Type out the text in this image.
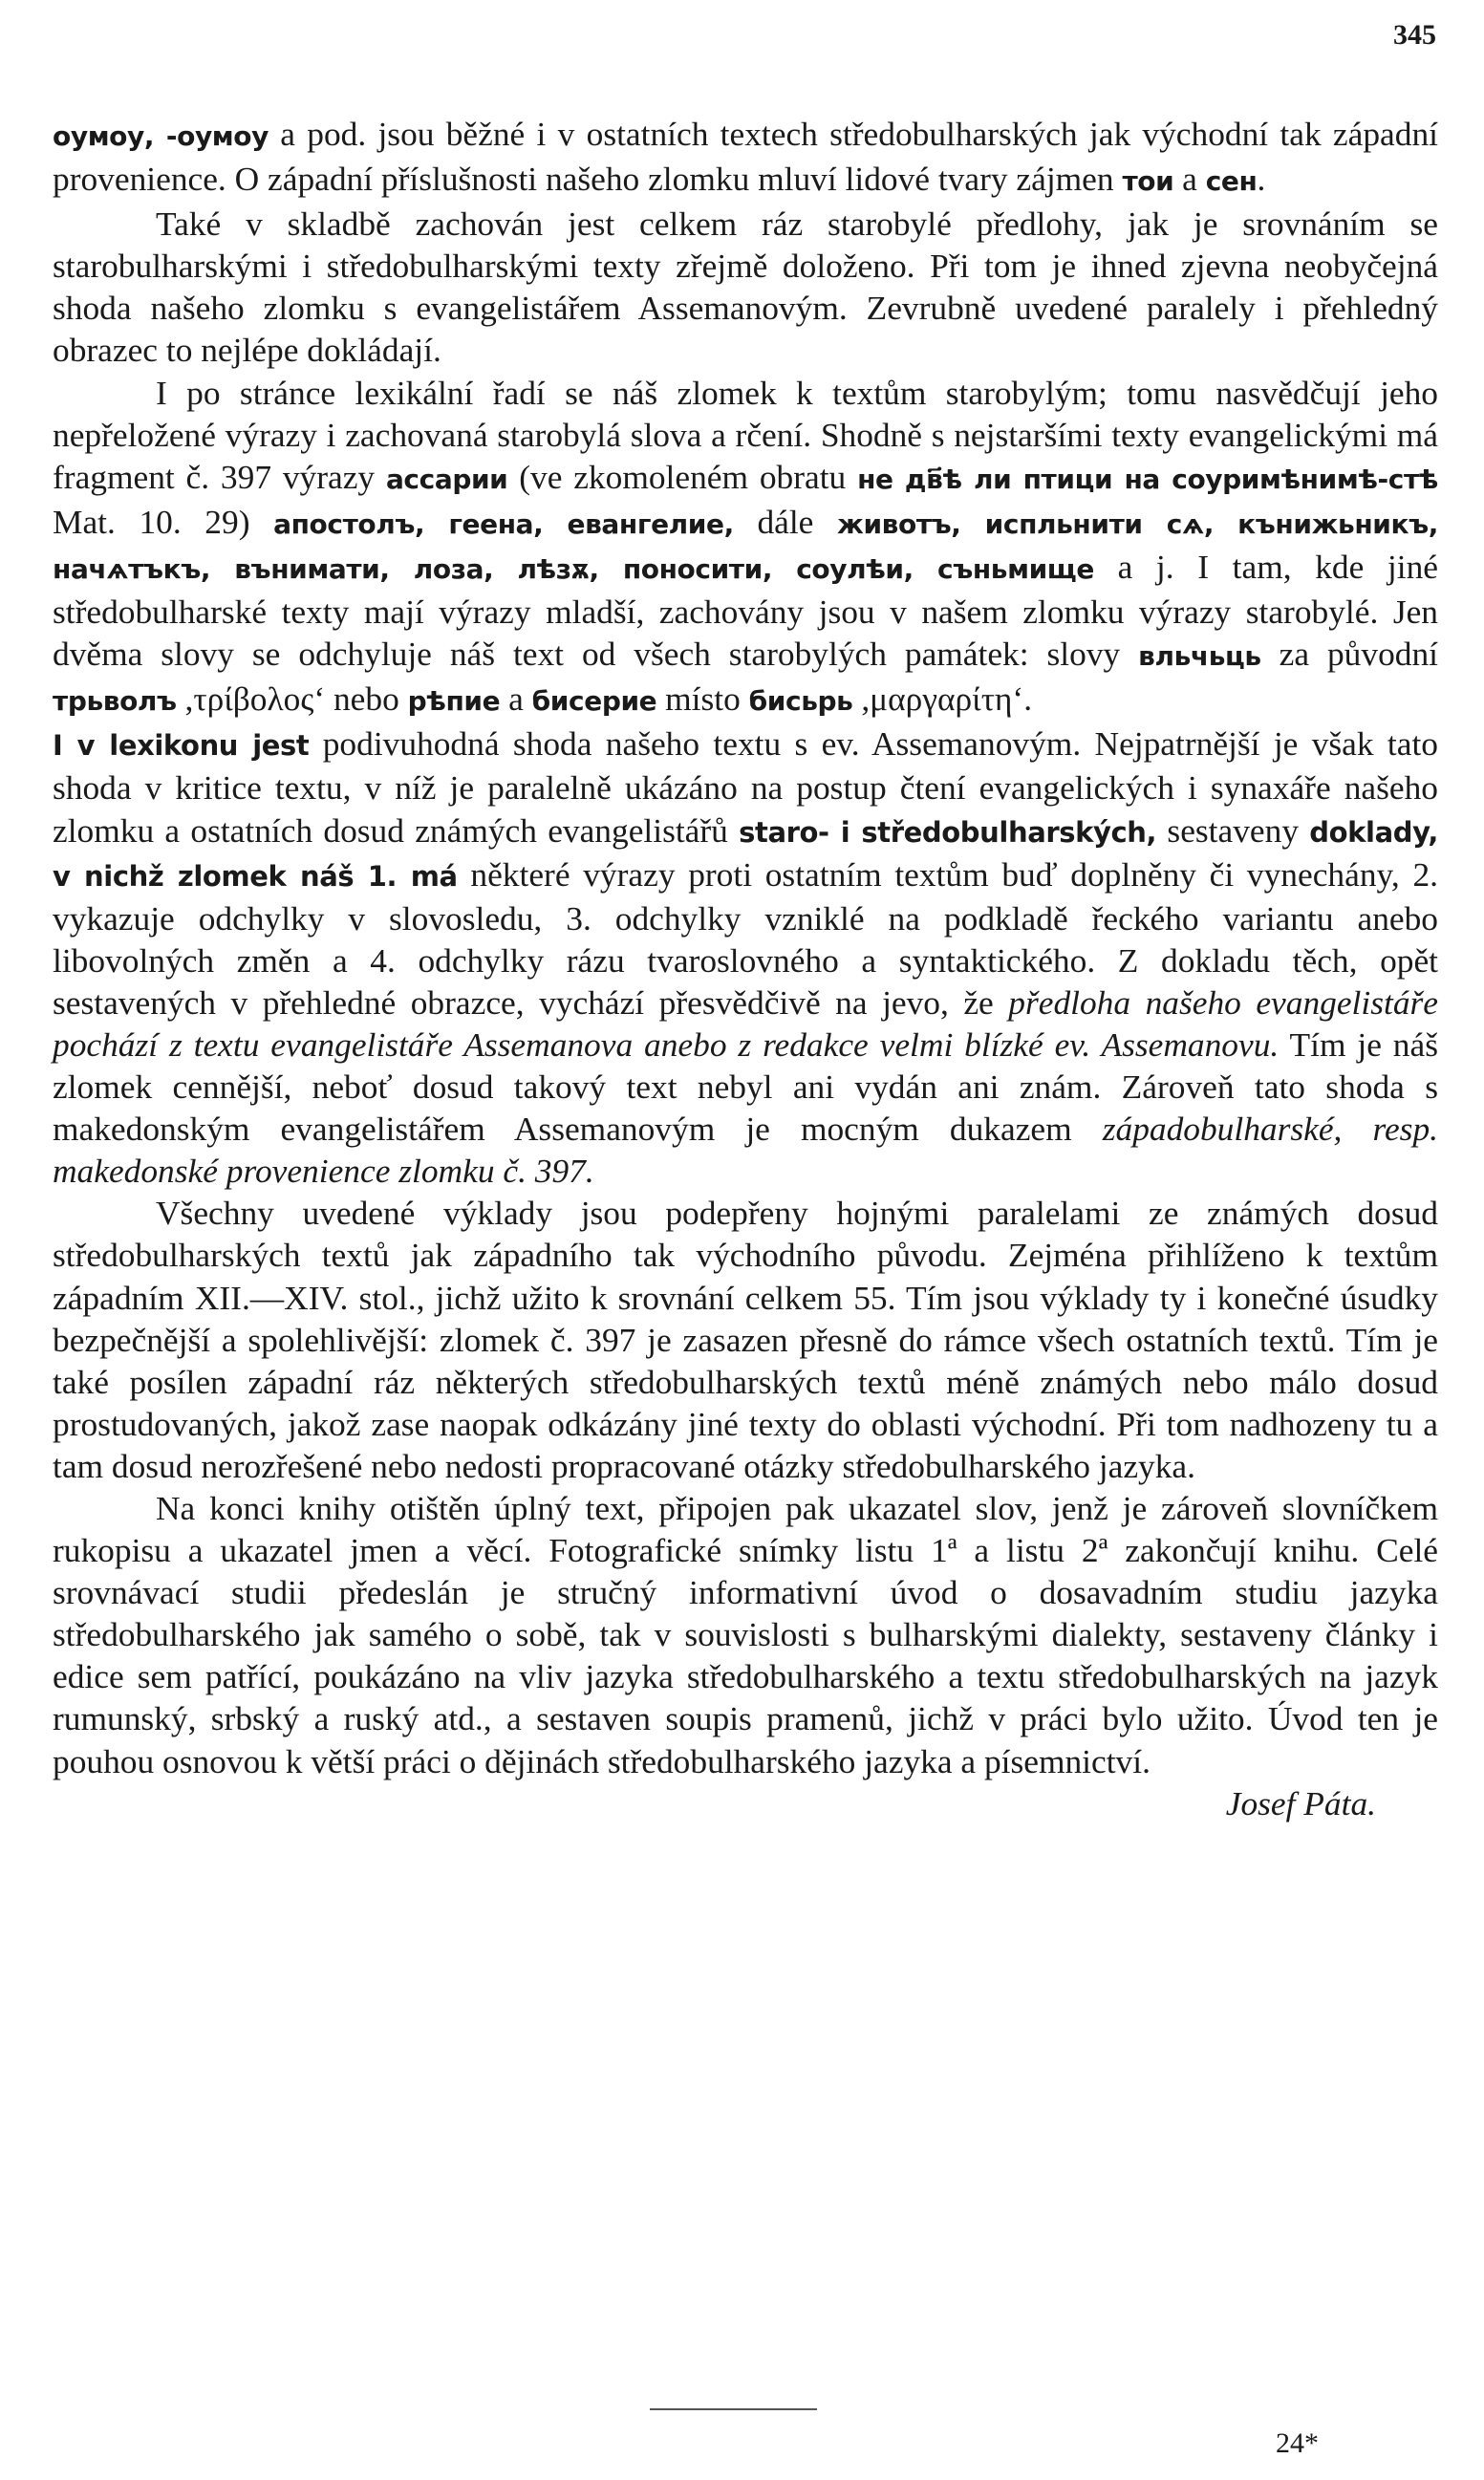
345

оумоу, -оумоу a pod. jsou běžné i v ostatních textech středobulharských jak východní tak západní provenience. O západní příslušnosti našeho zlomku mluví lidové tvary zájmen тои a сен.

Také v skladbě zachován jest celkem ráz starobylé předlohy, jak je srovnáním se starobulharskými i středobulharskými texty zřejmě doloženo. Při tom je ihned zjevna neobyčejná shoda našeho zlomku s evangelistářem Assemanovým. Zevrubně uvedené paralely i přehledný obrazec to nejlépe dokládají.

I po stránce lexikální řadí se náš zlomek k textům starobylým; tomu nasvědčují jeho nepřeložené výrazy i zachovaná starobylá slova a rčení. Shodně s nejstaršími texty evangelickými má fragment č. 397 výrazy ассарии (ve zkomoleném obratu не дв҃ѣ ли птици на соуримѣнимѣ-стѣ Mat. 10. 29) апостолъ, геена, евангелие, dále животъ, испльнити сѧ, кънижьникъ, начѧтъкъ, вънимати, лоза, лѣзѫ, поносити, соулѣи, съньмище a j. I tam, kde jiné středobulharské texty mají výrazy mladší, zachovány jsou v našem zlomku výrazy starobylé. Jen dvěma slovy se odchyluje náš text od všech starobylých památek: slovy вльчьць za původní трьволъ ,τρίβολος‘ nebo рѣпие a бисерие místo бисьрь ,μαργαρίτη‘.

I v lexikonu jest podivuhodná shoda našeho textu s ev. Assemanovým. Nejpatrnější je však tato shoda v kritice textu, v níž je paralelně ukázáno na postup čtení evangelických i synaxáře našeho zlomku a ostatních dosud známých evangelistářů staro- i středobulharských, sestaveny doklady, v nichž zlomek náš 1. má některé výrazy proti ostatním textům buď doplněny či vynechány, 2. vykazuje odchylky v slovosledu, 3. odchylky vzniklé na podkladě řeckého variantu anebo libovolných změn a 4. odchylky rázu tvaroslovného a syntaktického. Z dokladu těch, opět sestavených v přehledné obrazce, vychází přesvědčivě na jevo, že předloha našeho evangelistáře pochází z textu evangelistáře Assemanova anebo z redakce velmi blízké ev. Assemanovu. Tím je náš zlomek cennější, neboť dosud takový text nebyl ani vydán ani znám. Zároveň tato shoda s makedonským evangelistářem Assemanovým je mocným dukazem západobulharské, resp. makedonské provenience zlomku č. 397.

Všechny uvedené výklady jsou podepřeny hojnými paralelami ze známých dosud středobulharských textů jak západního tak východního původu. Zejména přihlíženo k textům západním XII.—XIV. stol., jichž užito k srovnání celkem 55. Tím jsou výklady ty i konečné úsudky bezpečnější a spolehlivější: zlomek č. 397 je zasazen přesně do rámce všech ostatních textů. Tím je také posílen západní ráz některých středobulharských textů méně známých nebo málo dosud prostudovaných, jakož zase naopak odkázány jiné texty do oblasti východní. Při tom nadhozeny tu a tam dosud nerozřešené nebo nedosti propracované otázky středobulharského jazyka.

Na konci knihy otištěn úplný text, připojen pak ukazatel slov, jenž je zároveň slovníčkem rukopisu a ukazatel jmen a věcí. Fotografické snímky listu 1ª a listu 2ª zakončují knihu. Celé srovnávací studii předeslán je stručný informativní úvod o dosavadním studiu jazyka středobulharského jak samého o sobě, tak v souvislosti s bulharskými dialekty, sestaveny články i edice sem patřící, poukázáno na vliv jazyka středobulharského a textu středobulharských na jazyk rumunský, srbský a ruský atd., a sestaven soupis pramenů, jichž v práci bylo užito. Úvod ten je pouhou osnovou k větší práci o dějinách středobulharského jazyka a písemnictví.
Josef Páta.

24*
